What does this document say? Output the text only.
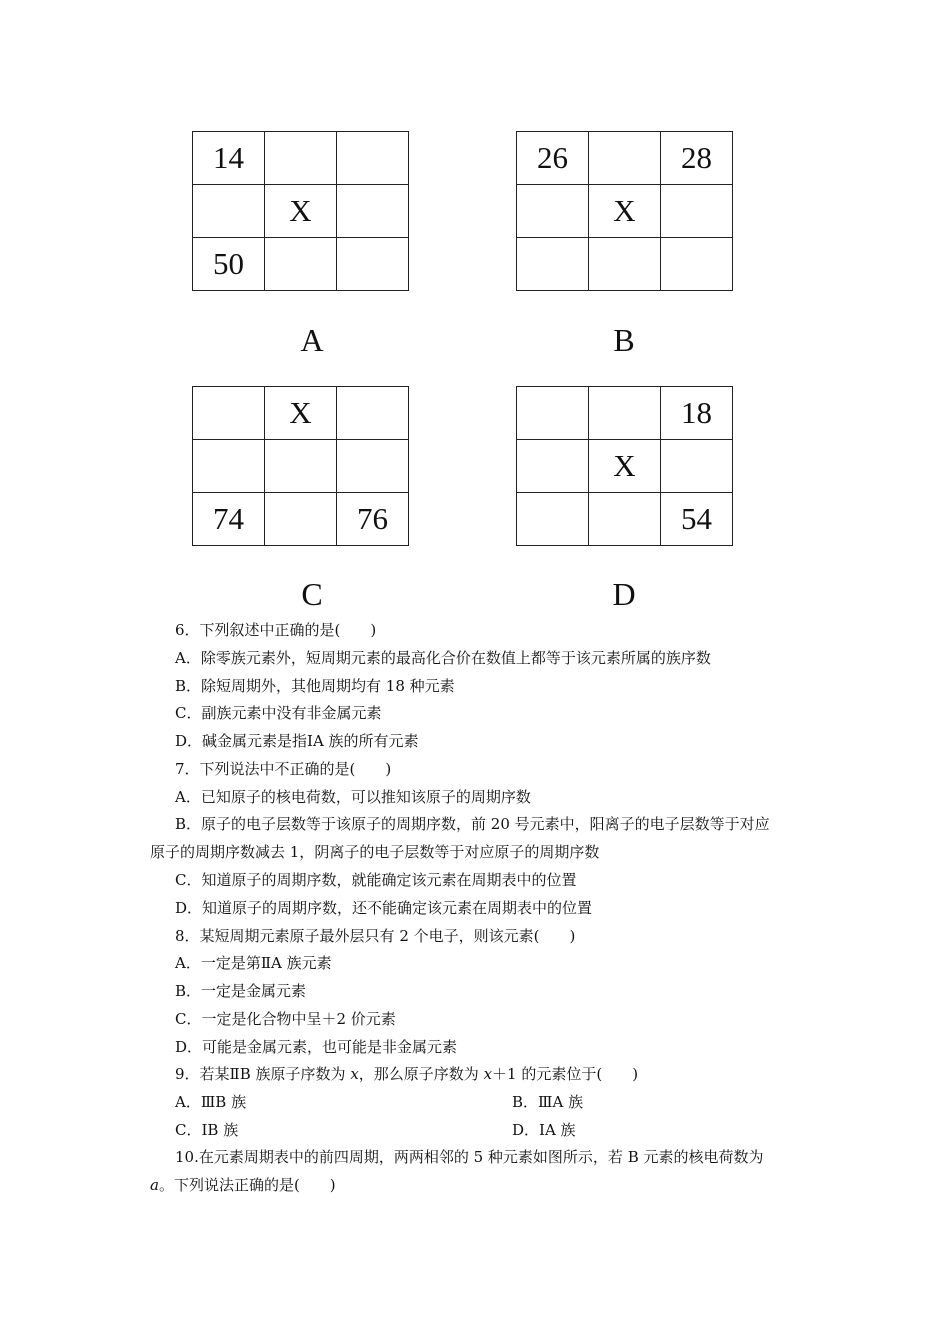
14		
	X	
50		
A
26		28
	X	

B
	X	

74		76
C
		18
	X	
		54
D
6．下列叙述中正确的是(　　)
A．除零族元素外，短周期元素的最高化合价在数值上都等于该元素所属的族序数
B．除短周期外，其他周期均有 18 种元素
C．副族元素中没有非金属元素
D．碱金属元素是指ⅠA 族的所有元素
7．下列说法中不正确的是(　　)
A．已知原子的核电荷数，可以推知该原子的周期序数
B．原子的电子层数等于该原子的周期序数，前 20 号元素中，阳离子的电子层数等于对应原子的周期序数减去 1，阴离子的电子层数等于对应原子的周期序数
C．知道原子的周期序数，就能确定该元素在周期表中的位置
D．知道原子的周期序数，还不能确定该元素在周期表中的位置
8．某短周期元素原子最外层只有 2 个电子，则该元素(　　)
A．一定是第ⅡA 族元素
B．一定是金属元素
C．一定是化合物中呈＋2 价元素
D．可能是金属元素，也可能是非金属元素
9．若某ⅡB 族原子序数为 x，那么原子序数为 x＋1 的元素位于(　　)
A．ⅢB 族	B．ⅢA 族
C．ⅠB 族	D．ⅠA 族
10.在元素周期表中的前四周期，两两相邻的 5 种元素如图所示，若 B 元素的核电荷数为 a。下列说法正确的是(　　)
